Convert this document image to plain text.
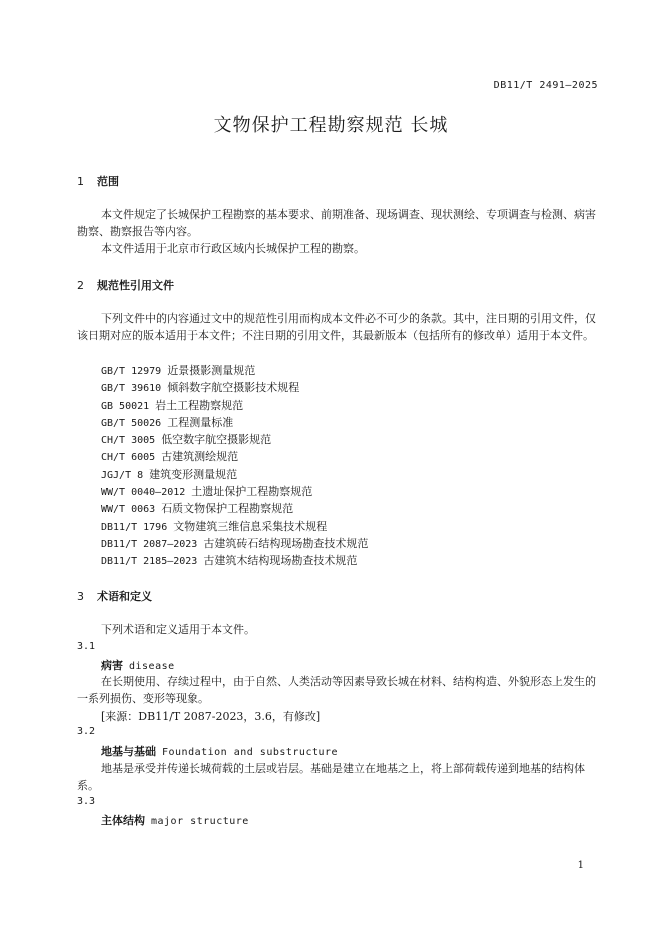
DB11/T 2491—2025
文物保护工程勘察规范 长城
1 范围
本文件规定了长城保护工程勘察的基本要求、前期准备、现场调查、现状测绘、专项调查与检测、病害勘察、勘察报告等内容。
本文件适用于北京市行政区域内长城保护工程的勘察。
2 规范性引用文件
下列文件中的内容通过文中的规范性引用而构成本文件必不可少的条款。其中，注日期的引用文件，仅该日期对应的版本适用于本文件；不注日期的引用文件，其最新版本（包括所有的修改单）适用于本文件。
GB/T 12979 近景摄影测量规范
GB/T 39610 倾斜数字航空摄影技术规程
GB 50021 岩土工程勘察规范
GB/T 50026 工程测量标准
CH/T 3005 低空数字航空摄影规范
CH/T 6005 古建筑测绘规范
JGJ/T 8 建筑变形测量规范
WW/T 0040—2012 土遗址保护工程勘察规范
WW/T 0063 石质文物保护工程勘察规范
DB11/T 1796 文物建筑三维信息采集技术规程
DB11/T 2087—2023 古建筑砖石结构现场勘查技术规范
DB11/T 2185—2023 古建筑木结构现场勘查技术规范
3 术语和定义
下列术语和定义适用于本文件。
3.1
病害 disease
在长期使用、存续过程中，由于自然、人类活动等因素导致长城在材料、结构构造、外貌形态上发生的一系列损伤、变形等现象。
[来源：DB11/T 2087-2023，3.6，有修改]
3.2
地基与基础 Foundation and substructure
地基是承受并传递长城荷载的土层或岩层。基础是建立在地基之上，将上部荷载传递到地基的结构体系。
3.3
主体结构 major structure
1
